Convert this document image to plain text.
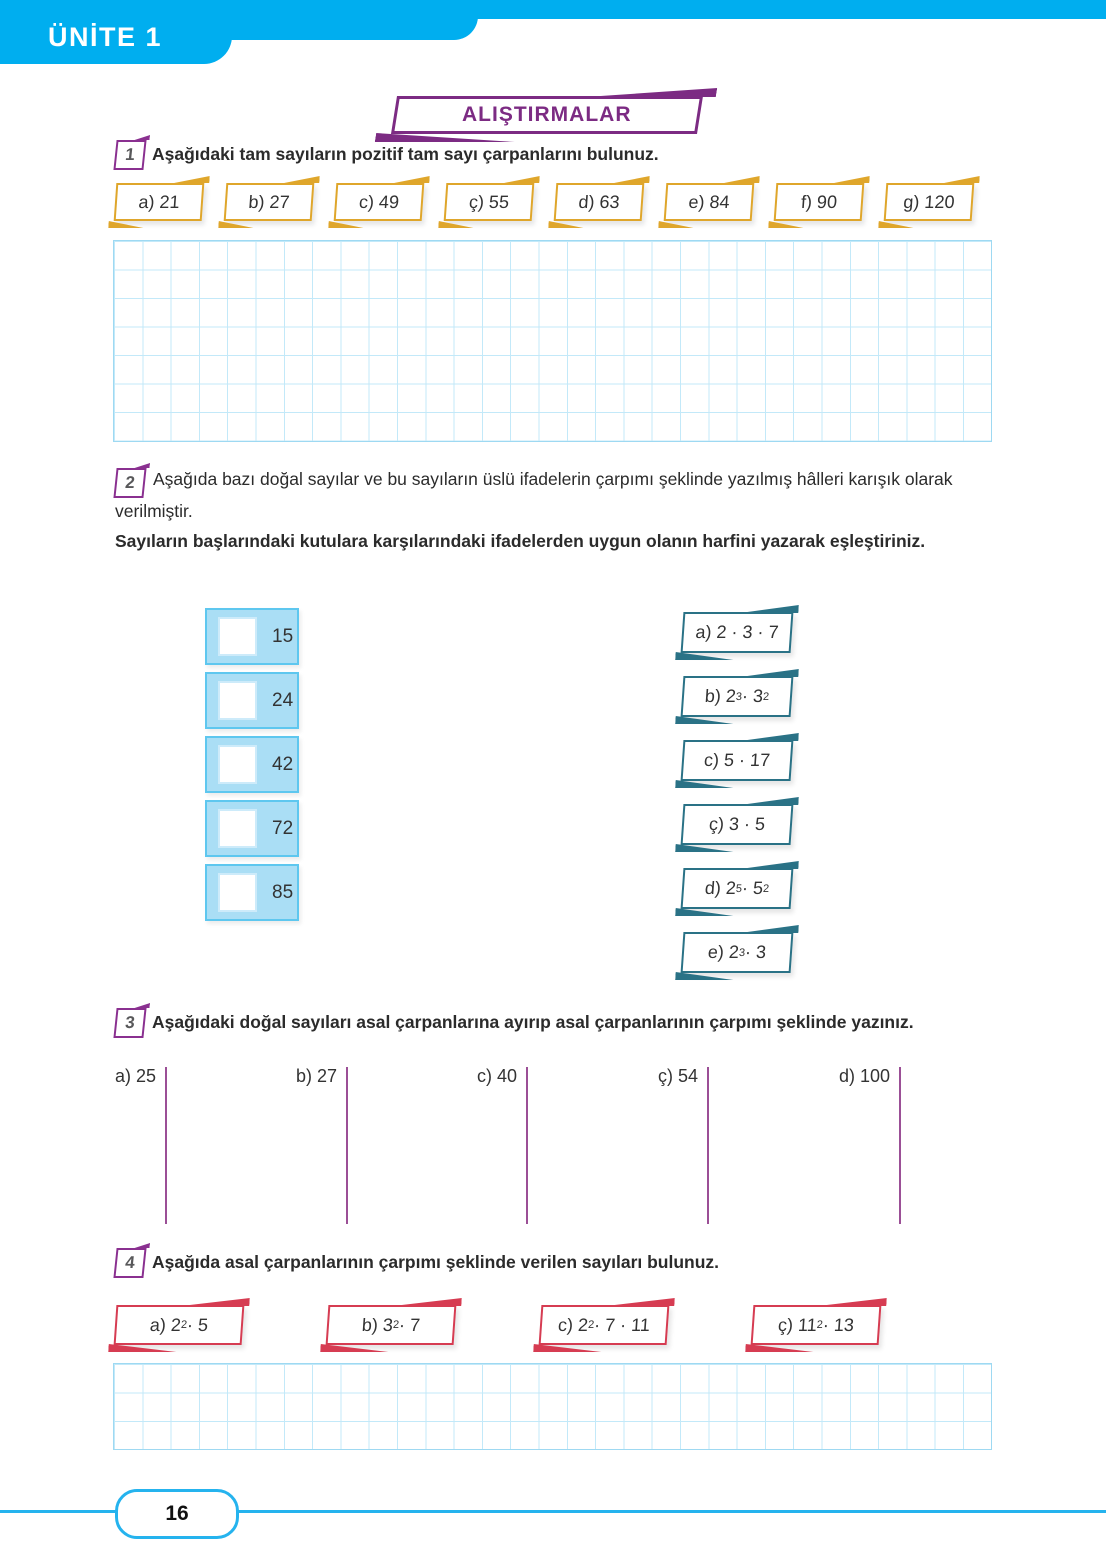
ÜNİTE 1
ALIŞTIRMALAR
1 Aşağıdaki tam sayıların pozitif tam sayı çarpanlarını bulunuz.
a) 21	b) 27	c) 49	ç) 55	d) 63	e) 84	f) 90	g) 120
2 Aşağıda bazı doğal sayılar ve bu sayıların üslü ifadelerin çarpımı şeklinde yazılmış hâlleri karışık olarak verilmiştir.
Sayıların başlarındaki kutulara karşılarındaki ifadelerden uygun olanın harfini yazarak eşleştiriniz.
15
24
42
72
85
a) 2 · 3 · 7
b) 2
3
· 3
2
c) 5 · 17
ç) 3 · 5
d) 2
5
· 5
2
e) 2
3
· 3
3 Aşağıdaki doğal sayıları asal çarpanlarına ayırıp asal çarpanlarının çarpımı şeklinde yazınız.
a) 25	b) 27	c) 40	ç) 54	d) 100
4 Aşağıda asal çarpanlarının çarpımı şeklinde verilen sayıları bulunuz.
a) 2
2
· 5	b) 3
2
· 7	c) 2
2
· 7 · 11	ç) 11
2
· 13
16
